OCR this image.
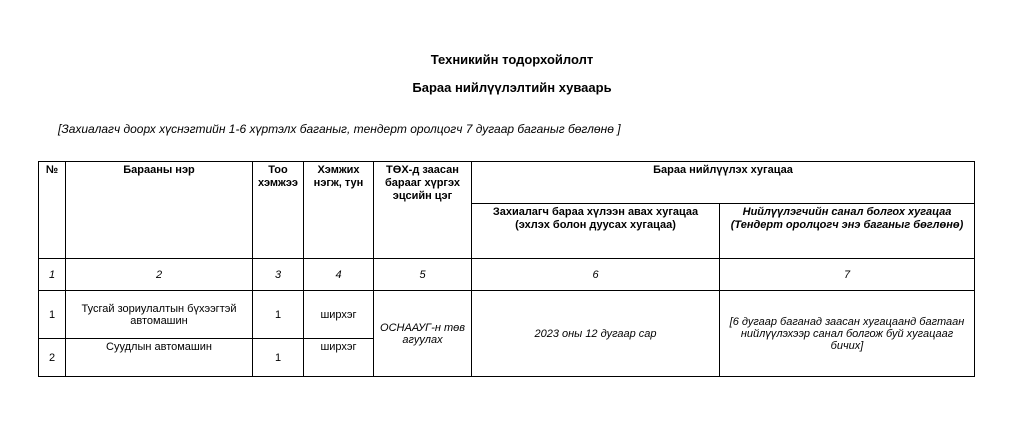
Техникийн тодорхойлолт
Бараа нийлүүлэлтийн хуваарь
[Захиалагч доорх хүснэгтийн 1-6 хүртэлх баганыг, тендерт оролцогч 7 дугаар баганыг бөглөнө ]
№	Барааны нэр	Тоо хэмжээ	Хэмжих нэгж, тун	ТӨХ-д заасан барааг хүргэх эцсийн цэг	Бараа нийлүүлэх хугацаа	
					Захиалагч бараа хүлээн авах хугацаа (эхлэх болон дуусах хугацаа)	Нийлүүлэгчийн санал болгох хугацаа (Тендерт оролцогч энэ баганыг бөглөнө)
1	2	3	4	5	6	7
1	Тусгай зориулалтын бүхээгтэй автомашин	1	ширхэг	ОСНААУГ-н төв агуулах	2023 оны 12 дугаар сар	[6 дугаар баганад заасан хугацаанд багтаан нийлүүлэхээр санал болгож буй хугацааг бичих]
2	Суудлын автомашин	1	ширхэг			
